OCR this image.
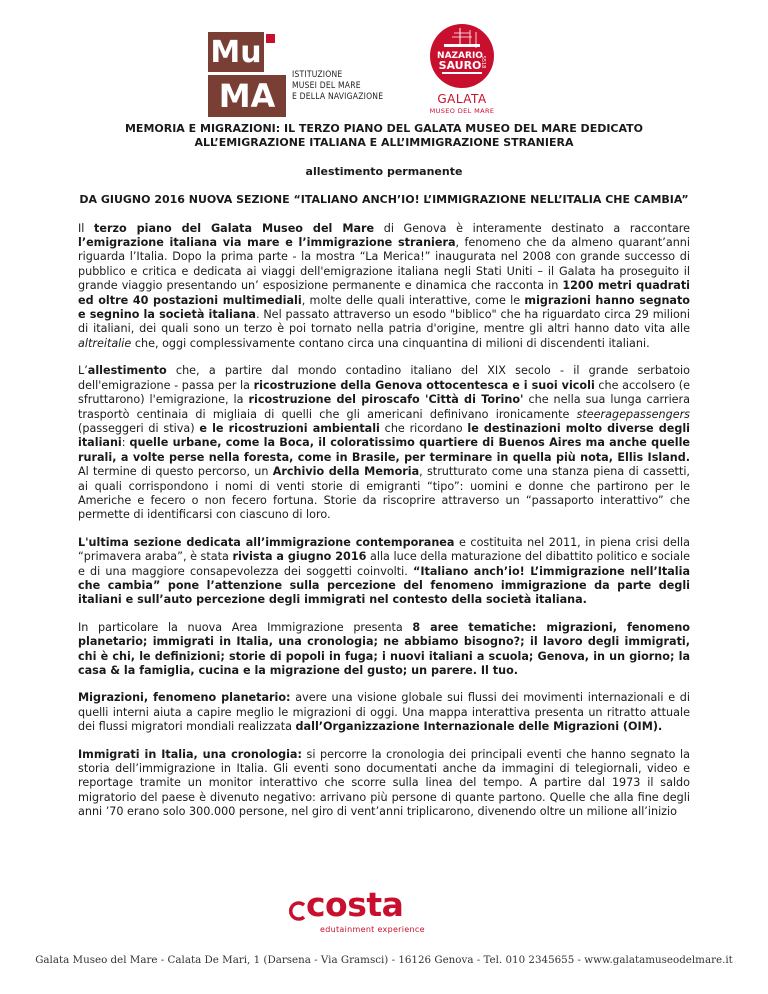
Mu
MA
ISTITUZIONE
MUSEI DEL MARE
E DELLA NAVIGAZIONE
NAZARIO
SAURO
S518
GALATA
MUSEO DEL MARE

MEMORIA E MIGRAZIONI: IL TERZO PIANO DEL GALATA MUSEO DEL MARE DEDICATO ALL’EMIGRAZIONE ITALIANA E ALL’IMMIGRAZIONE STRANIERA

allestimento permanente

DA GIUGNO 2016 NUOVA SEZIONE “ITALIANO ANCH’IO! L’IMMIGRAZIONE NELL’ITALIA CHE CAMBIA”

Il terzo piano del Galata Museo del Mare di Genova è interamente destinato a raccontare l’emigrazione italiana via mare e l’immigrazione straniera, fenomeno che da almeno quarant’anni riguarda l’Italia. Dopo la prima parte - la mostra “La Merica!” inaugurata nel 2008 con grande successo di pubblico e critica e dedicata ai viaggi dell'emigrazione italiana negli Stati Uniti – il Galata ha proseguito il grande viaggio presentando un’ esposizione permanente e dinamica che racconta in 1200 metri quadrati ed oltre 40 postazioni multimediali, molte delle quali interattive, come le migrazioni hanno segnato e segnino la società italiana. Nel passato attraverso un esodo "biblico" che ha riguardato circa 29 milioni di italiani, dei quali sono un terzo è poi tornato nella patria d'origine, mentre gli altri hanno dato vita alle altreitalie che, oggi complessivamente contano circa una cinquantina di milioni di discendenti italiani.

L’allestimento che, a partire dal mondo contadino italiano del XIX secolo - il grande serbatoio dell'emigrazione - passa per la ricostruzione della Genova ottocentesca e i suoi vicoli che accolsero (e sfruttarono) l'emigrazione, la ricostruzione del piroscafo 'Città di Torino' che nella sua lunga carriera trasportò centinaia di migliaia di quelli che gli americani definivano ironicamente steeragepassengers (passeggeri di stiva) e le ricostruzioni ambientali che ricordano le destinazioni molto diverse degli italiani: quelle urbane, come la Boca, il coloratissimo quartiere di Buenos Aires ma anche quelle rurali, a volte perse nella foresta, come in Brasile, per terminare in quella più nota, Ellis Island. Al termine di questo percorso, un Archivio della Memoria, strutturato come una stanza piena di cassetti, ai quali corrispondono i nomi di venti storie di emigranti “tipo”: uomini e donne che partirono per le Americhe e fecero o non fecero fortuna. Storie da riscoprire attraverso un “passaporto interattivo” che permette di identificarsi con ciascuno di loro.

L'ultima sezione dedicata all’immigrazione contemporanea e costituita nel 2011, in piena crisi della “primavera araba”, è stata rivista a giugno 2016 alla luce della maturazione del dibattito politico e sociale e di una maggiore consapevolezza dei soggetti coinvolti. “Italiano anch’io! L’immigrazione nell’Italia che cambia” pone l’attenzione sulla percezione del fenomeno immigrazione da parte degli italiani e sull’auto percezione degli immigrati nel contesto della società italiana.

In particolare la nuova Area Immigrazione presenta 8 aree tematiche: migrazioni, fenomeno planetario; immigrati in Italia, una cronologia; ne abbiamo bisogno?; il lavoro degli immigrati, chi è chi, le definizioni; storie di popoli in fuga; i nuovi italiani a scuola; Genova, in un giorno; la casa & la famiglia, cucina e la migrazione del gusto; un parere. Il tuo.

Migrazioni, fenomeno planetario: avere una visione globale sui flussi dei movimenti internazionali e di quelli interni aiuta a capire meglio le migrazioni di oggi. Una mappa interattiva presenta un ritratto attuale dei flussi migratori mondiali realizzata dall’Organizzazione Internazionale delle Migrazioni (OIM).

Immigrati in Italia, una cronologia: si percorre la cronologia dei principali eventi che hanno segnato la storia dell’immigrazione in Italia. Gli eventi sono documentati anche da immagini di telegiornali, video e reportage tramite un monitor interattivo che scorre sulla linea del tempo. A partire dal 1973 il saldo migratorio del paese è divenuto negativo: arrivano più persone di quante partono. Quelle che alla fine degli anni ’70 erano solo 300.000 persone, nel giro di vent’anni triplicarono, divenendo oltre un milione all’inizio

costa
edutainment experience
Galata Museo del Mare - Calata De Mari, 1 (Darsena - Via Gramsci) - 16126 Genova - Tel. 010 2345655 - www.galatamuseodelmare.it
